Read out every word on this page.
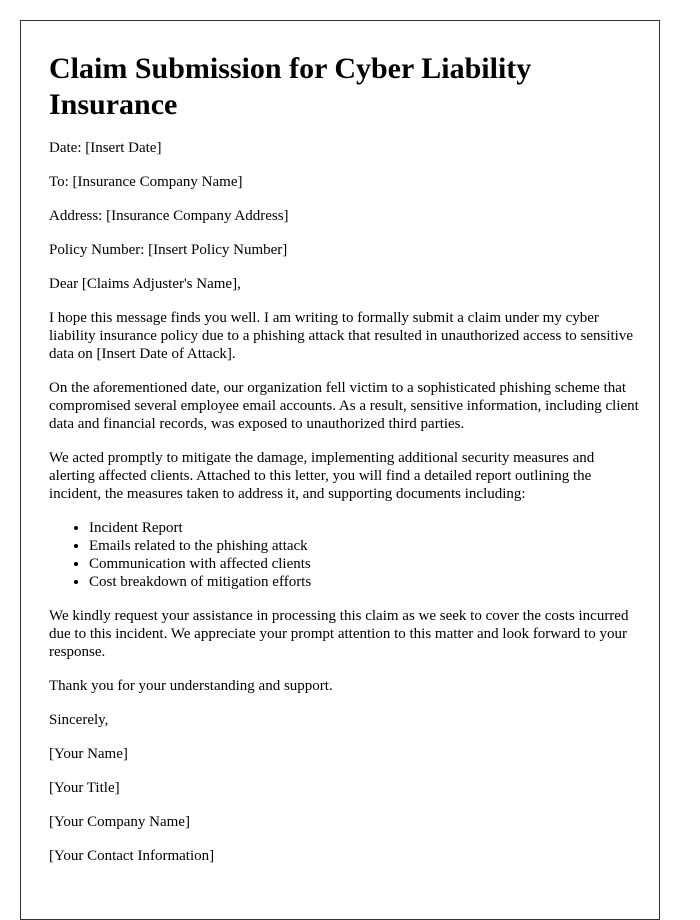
Claim Submission for Cyber Liability Insurance

Date: [Insert Date]

To: [Insurance Company Name]

Address: [Insurance Company Address]

Policy Number: [Insert Policy Number]

Dear [Claims Adjuster's Name],

I hope this message finds you well. I am writing to formally submit a claim under my cyber liability insurance policy due to a phishing attack that resulted in unauthorized access to sensitive data on [Insert Date of Attack].

On the aforementioned date, our organization fell victim to a sophisticated phishing scheme that compromised several employee email accounts. As a result, sensitive information, including client data and financial records, was exposed to unauthorized third parties.

We acted promptly to mitigate the damage, implementing additional security measures and alerting affected clients. Attached to this letter, you will find a detailed report outlining the incident, the measures taken to address it, and supporting documents including:

• Incident Report
• Emails related to the phishing attack
• Communication with affected clients
• Cost breakdown of mitigation efforts

We kindly request your assistance in processing this claim as we seek to cover the costs incurred due to this incident. We appreciate your prompt attention to this matter and look forward to your response.

Thank you for your understanding and support.

Sincerely,

[Your Name]

[Your Title]

[Your Company Name]

[Your Contact Information]
